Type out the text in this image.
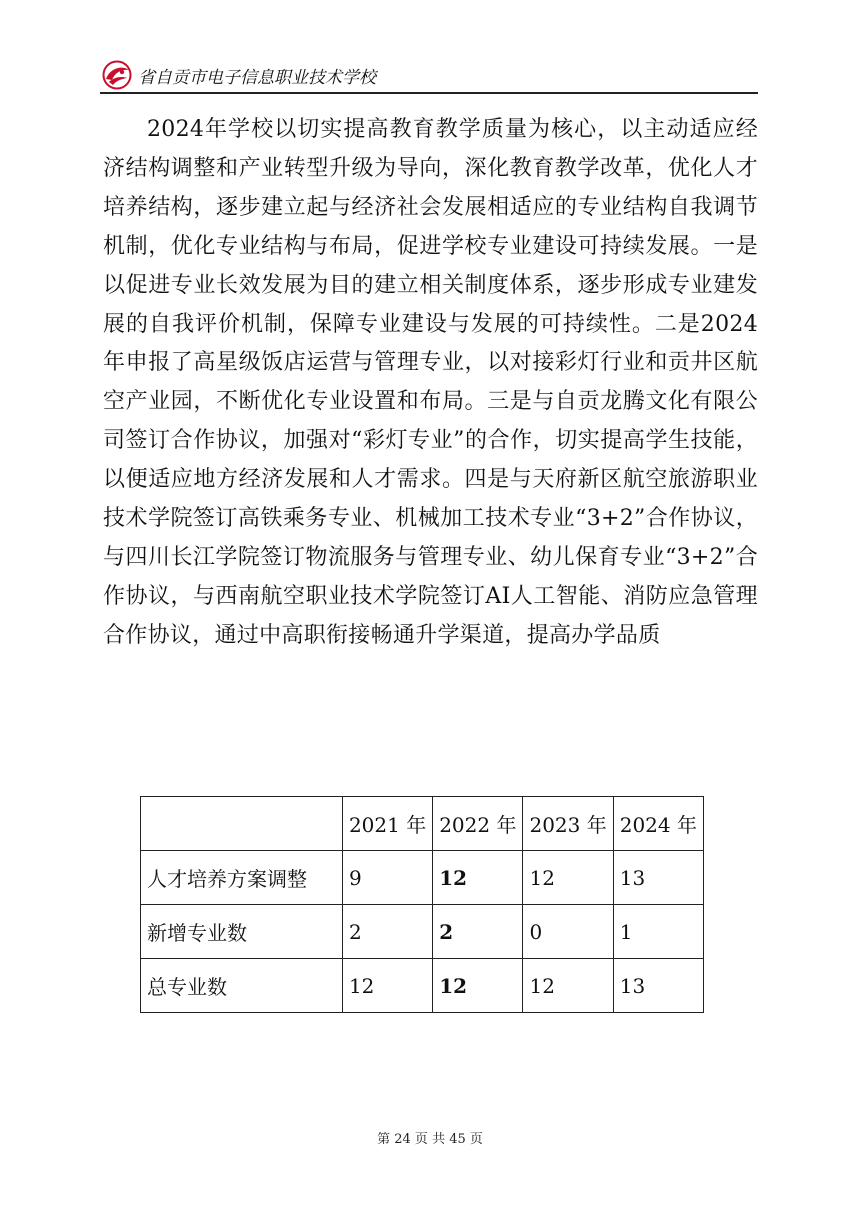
省自贡市电子信息职业技术学校

2024年学校以切实提高教育教学质量为核心，以主动适应经济结构调整和产业转型升级为导向，深化教育教学改革，优化人才培养结构，逐步建立起与经济社会发展相适应的专业结构自我调节机制，优化专业结构与布局，促进学校专业建设可持续发展。一是以促进专业长效发展为目的建立相关制度体系，逐步形成专业建发展的自我评价机制，保障专业建设与发展的可持续性。二是2024年申报了高星级饭店运营与管理专业，以对接彩灯行业和贡井区航空产业园，不断优化专业设置和布局。三是与自贡龙腾文化有限公司签订合作协议，加强对“彩灯专业”的合作，切实提高学生技能，以便适应地方经济发展和人才需求。四是与天府新区航空旅游职业技术学院签订高铁乘务专业、机械加工技术专业“3+2”合作协议，与四川长江学院签订物流服务与管理专业、幼儿保育专业“3+2”合作协议，与西南航空职业技术学院签订AI人工智能、消防应急管理合作协议，通过中高职衔接畅通升学渠道，提高办学品质

	2021 年	2022 年	2023 年	2024 年
人才培养方案调整	9	12	12	13
新增专业数	2	2	0	1
总专业数	12	12	12	13
第 24 页 共 45 页
